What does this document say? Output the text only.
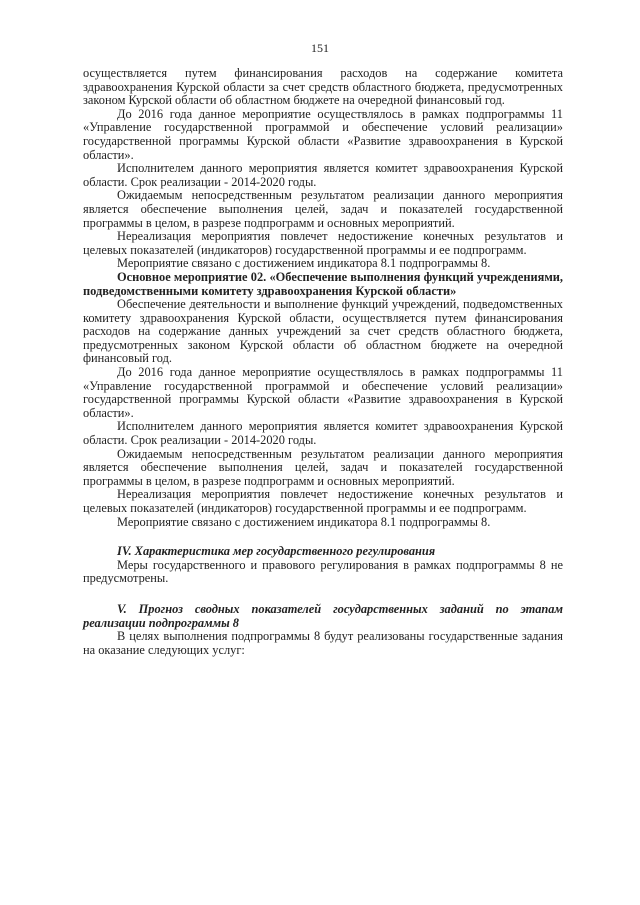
151

осуществляется путем финансирования расходов на содержание комитета здравоохранения Курской области за счет средств областного бюджета, предусмотренных законом Курской области об областном бюджете на очередной финансовый год.

До 2016 года данное мероприятие осуществлялось в рамках подпрограммы 11 «Управление государственной программой и обеспечение условий реализации» государственной программы Курской области «Развитие здравоохранения в Курской области».

Исполнителем данного мероприятия является комитет здравоохранения Курской области. Срок реализации - 2014-2020 годы.

Ожидаемым непосредственным результатом реализации данного мероприятия является обеспечение выполнения целей, задач и показателей государственной программы в целом, в разрезе подпрограмм и основных мероприятий.

Нереализация мероприятия повлечет недостижение конечных результатов и целевых показателей (индикаторов) государственной программы и ее подпрограмм.

Мероприятие связано с достижением индикатора 8.1 подпрограммы 8.

Основное мероприятие 02. «Обеспечение выполнения функций учреждениями, подведомственными комитету здравоохранения Курской области»

Обеспечение деятельности и выполнение функций учреждений, подведомственных комитету здравоохранения Курской области, осуществляется путем финансирования расходов на содержание данных учреждений за счет средств областного бюджета, предусмотренных законом Курской области об областном бюджете на очередной финансовый год.

До 2016 года данное мероприятие осуществлялось в рамках подпрограммы 11 «Управление государственной программой и обеспечение условий реализации» государственной программы Курской области «Развитие здравоохранения в Курской области».

Исполнителем данного мероприятия является комитет здравоохранения Курской области. Срок реализации - 2014-2020 годы.

Ожидаемым непосредственным результатом реализации данного мероприятия является обеспечение выполнения целей, задач и показателей государственной программы в целом, в разрезе подпрограмм и основных мероприятий.

Нереализация мероприятия повлечет недостижение конечных результатов и целевых показателей (индикаторов) государственной программы и ее подпрограмм.

Мероприятие связано с достижением индикатора 8.1 подпрограммы 8.

IV. Характеристика мер государственного регулирования

Меры государственного и правового регулирования в рамках подпрограммы 8 не предусмотрены.

V. Прогноз сводных показателей государственных заданий по этапам реализации подпрограммы 8

В целях выполнения подпрограммы 8 будут реализованы государственные задания на оказание следующих услуг:
